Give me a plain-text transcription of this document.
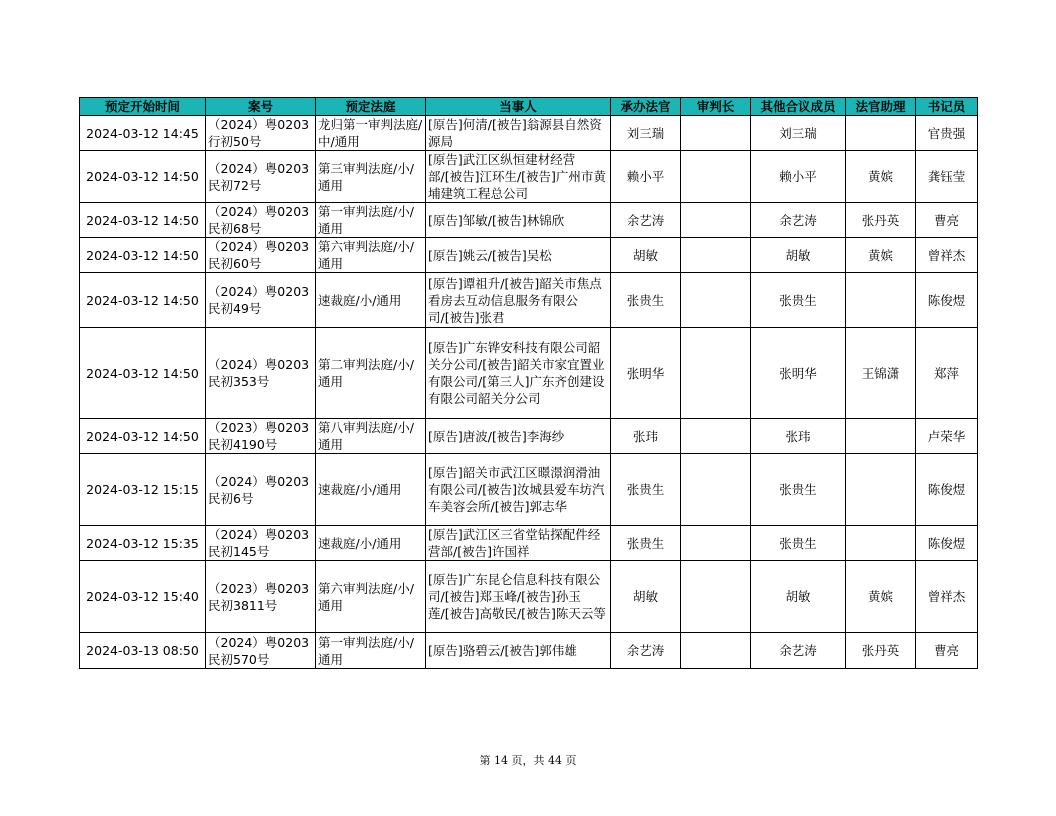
预定开始时间	案号	预定法庭	当事人	承办法官	审判长	其他合议成员	法官助理	书记员
2024-03-12 14:45	（2024）粤0203行初50号	龙归第一审判法庭/中/通用	[原告]何清/[被告]翁源县自然资源局	刘三瑞		刘三瑞		官贵强
2024-03-12 14:50	（2024）粤0203民初72号	第三审判法庭/小/通用	[原告]武江区纵恒建材经营部/[被告]江环生/[被告]广州市黄埔建筑工程总公司	赖小平		赖小平	黄嫔	龚钰莹
2024-03-12 14:50	（2024）粤0203民初68号	第一审判法庭/小/通用	[原告]邹敏/[被告]林锦欣	余艺涛		余艺涛	张丹英	曹亮
2024-03-12 14:50	（2024）粤0203民初60号	第六审判法庭/小/通用	[原告]姚云/[被告]吴松	胡敏		胡敏	黄嫔	曾祥杰
2024-03-12 14:50	（2024）粤0203民初49号	速裁庭/小/通用	[原告]谭祖升/[被告]韶关市焦点看房去互动信息服务有限公司/[被告]张君	张贵生		张贵生		陈俊煜
2024-03-12 14:50	（2024）粤0203民初353号	第二审判法庭/小/通用	[原告]广东铧安科技有限公司韶关分公司/[被告]韶关市家宜置业有限公司/[第三人]广东齐创建设有限公司韶关分公司	张明华		张明华	王锦潇	郑萍
2024-03-12 14:50	（2023）粤0203民初4190号	第八审判法庭/小/通用	[原告]唐波/[被告]李海纱	张玮		张玮		卢荣华
2024-03-12 15:15	（2024）粤0203民初6号	速裁庭/小/通用	[原告]韶关市武江区暻澋润滑油有限公司/[被告]汝城县爱车坊汽车美容会所/[被告]郭志华	张贵生		张贵生		陈俊煜
2024-03-12 15:35	（2024）粤0203民初145号	速裁庭/小/通用	[原告]武江区三省堂钻探配件经营部/[被告]许国祥	张贵生		张贵生		陈俊煜
2024-03-12 15:40	（2023）粤0203民初3811号	第六审判法庭/小/通用	[原告]广东昆仑信息科技有限公司/[被告]郑玉峰/[被告]孙玉莲/[被告]高敬民/[被告]陈天云等	胡敏		胡敏	黄嫔	曾祥杰
2024-03-13 08:50	（2024）粤0203民初570号	第一审判法庭/小/通用	[原告]骆碧云/[被告]郭伟雄	余艺涛		余艺涛	张丹英	曹亮
第 14 页，共 44 页
